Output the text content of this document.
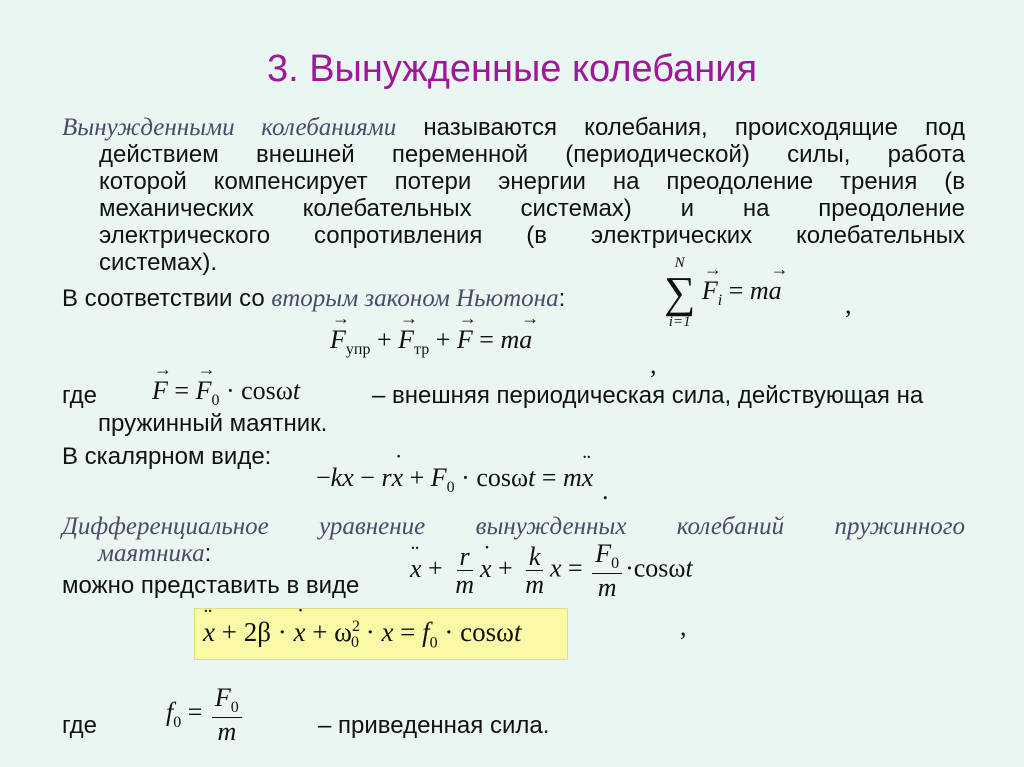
3. Вынужденные колебания
Вынужденными колебаниями называются колебания, происходящие под
действием внешней переменной (периодической) силы, работа
которой компенсирует потери энергии на преодоление трения (в
механических колебательных системах) и на преодоление
электрического сопротивления (в электрических колебательных
системах).
В соответствии со вторым законом Ньютона:
N
∑
i=1
→ $F_i = m\to a$ ,
→ $F_{упр}$ + → $F_{тр}$ + → F = m→ a
,
где → F = → $F_0 \cdot \cos\omega t$	– внешняя периодическая сила, действующая на
пружинный маятник.
В скалярном виде:
−kx − r˙ $x + F_0 \cdot \cos\omega t$ = m¨ x .
Дифференциальное уравнение вынужденных колебаний пружинного
маятника:
можно представить в виде
¨ $x + \frac{r}{m}$ ˙ $x + \frac{k}{m}$ $x = \frac{F_0}{m} \cdot\cos\omega t$
¨ x + 2β · ˙ $x + \omega^2_0 \cdot x = f_0 \cdot \cos\omega t$	,
где	$f_0 = \frac{F_0}{m}$	– приведенная сила.
